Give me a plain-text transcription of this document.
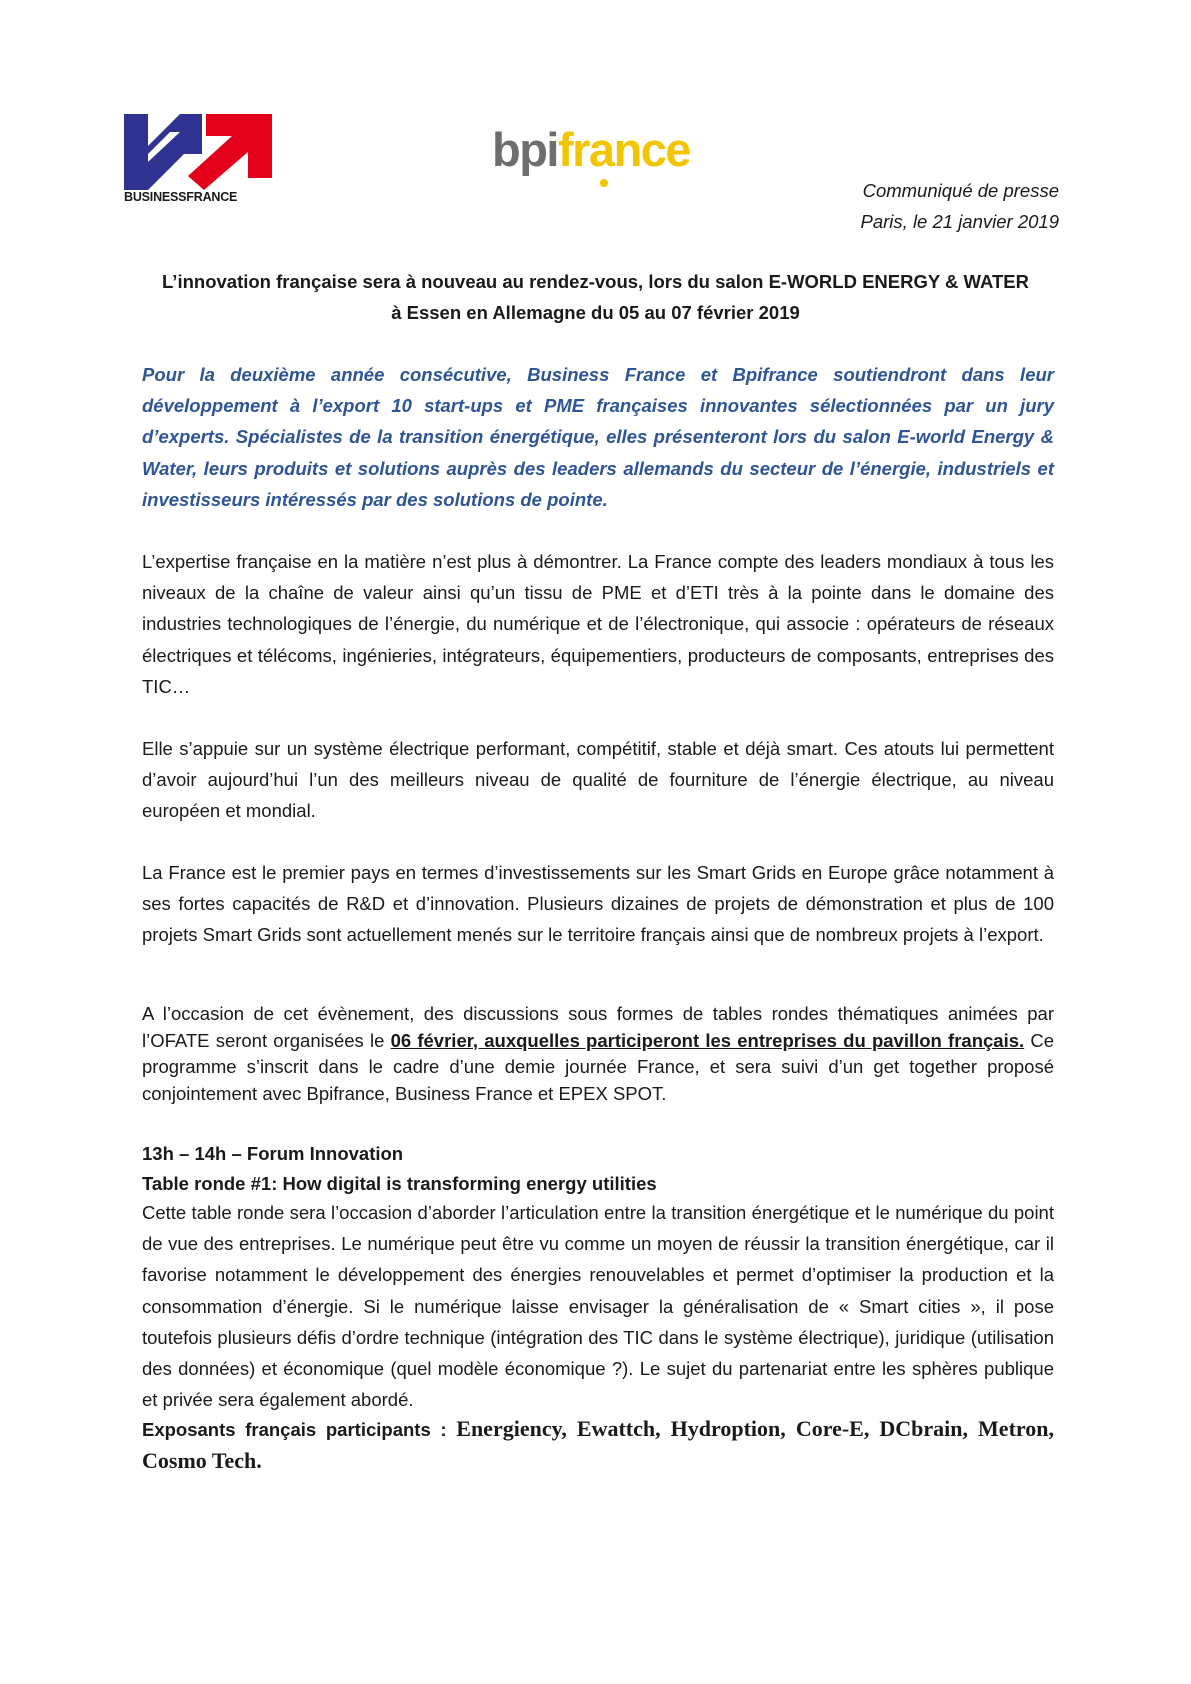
BUSINESSFRANCE
bpifrance
Communiqué de presse
Paris, le 21 janvier 2019
L’innovation française sera à nouveau au rendez-vous, lors du salon E-WORLD ENERGY & WATER
à Essen en Allemagne du 05 au 07 février 2019

Pour la deuxième année consécutive, Business France et Bpifrance soutiendront dans leur développement à l’export 10 start-ups et PME françaises innovantes sélectionnées par un jury d’experts. Spécialistes de la transition énergétique, elles présenteront lors du salon E-world Energy & Water, leurs produits et solutions auprès des leaders allemands du secteur de l’énergie, industriels et investisseurs intéressés par des solutions de pointe.

L’expertise française en la matière n’est plus à démontrer. La France compte des leaders mondiaux à tous les niveaux de la chaîne de valeur ainsi qu’un tissu de PME et d’ETI très à la pointe dans le domaine des industries technologiques de l’énergie, du numérique et de l’électronique, qui associe : opérateurs de réseaux électriques et télécoms, ingénieries, intégrateurs, équipementiers, producteurs de composants, entreprises des TIC…

Elle s’appuie sur un système électrique performant, compétitif, stable et déjà smart. Ces atouts lui permettent d’avoir aujourd’hui l’un des meilleurs niveau de qualité de fourniture de l’énergie électrique, au niveau européen et mondial.

La France est le premier pays en termes d’investissements sur les Smart Grids en Europe grâce notamment à ses fortes capacités de R&D et d’innovation. Plusieurs dizaines de projets de démonstration et plus de 100 projets Smart Grids sont actuellement menés sur le territoire français ainsi que de nombreux projets à l’export.

A l’occasion de cet évènement, des discussions sous formes de tables rondes thématiques animées par l’OFATE seront organisées le 06 février, auxquelles participeront les entreprises du pavillon français. Ce programme s’inscrit dans le cadre d’une demie journée France, et sera suivi d’un get together proposé conjointement avec Bpifrance, Business France et EPEX SPOT.

13h – 14h – Forum Innovation
Table ronde #1: How digital is transforming energy utilities

Cette table ronde sera l’occasion d’aborder l’articulation entre la transition énergétique et le numérique du point de vue des entreprises. Le numérique peut être vu comme un moyen de réussir la transition énergétique, car il favorise notamment le développement des énergies renouvelables et permet d’optimiser la production et la consommation d’énergie. Si le numérique laisse envisager la généralisation de « Smart cities », il pose toutefois plusieurs défis d’ordre technique (intégration des TIC dans le système électrique), juridique (utilisation des données) et économique (quel modèle économique ?). Le sujet du partenariat entre les sphères publique et privée sera également abordé.

Exposants français participants : Energiency, Ewattch, Hydroption, Core-E, DCbrain, Metron, Cosmo Tech.
